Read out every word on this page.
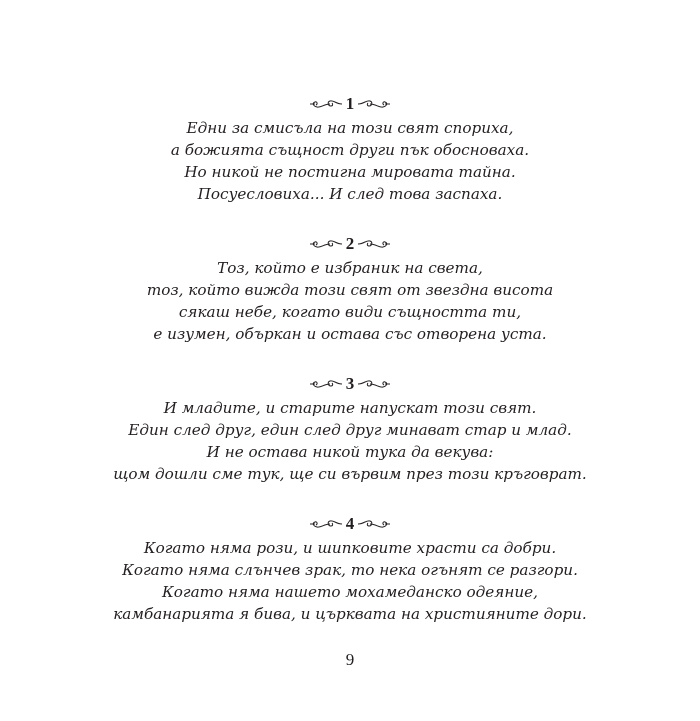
1
Едни за смисъла на този свят спориха,
а божията същност други пък обосноваха.
Но никой не постигна мировата тайна.
Посуесловиха... И след това заспаха.
2
Тоз, който е избраник на света,
тоз, който вижда този свят от звездна висота
сякаш небе, когато види същността ти,
е изумен, объркан и остава със отворена уста.
3
И младите, и старите напускат този свят.
Един след друг, един след друг минават стар и млад.
И не остава никой тука да векува:
щом дошли сме тук, ще си вървим през този кръговрат.
4
Когато няма рози, и шипковите храсти са добри.
Когато няма слънчев зрак, то нека огънят се разгори.
Когато няма нашето мохамеданско одеяние,
камбанарията я бива, и църквата на християните дори.
9
